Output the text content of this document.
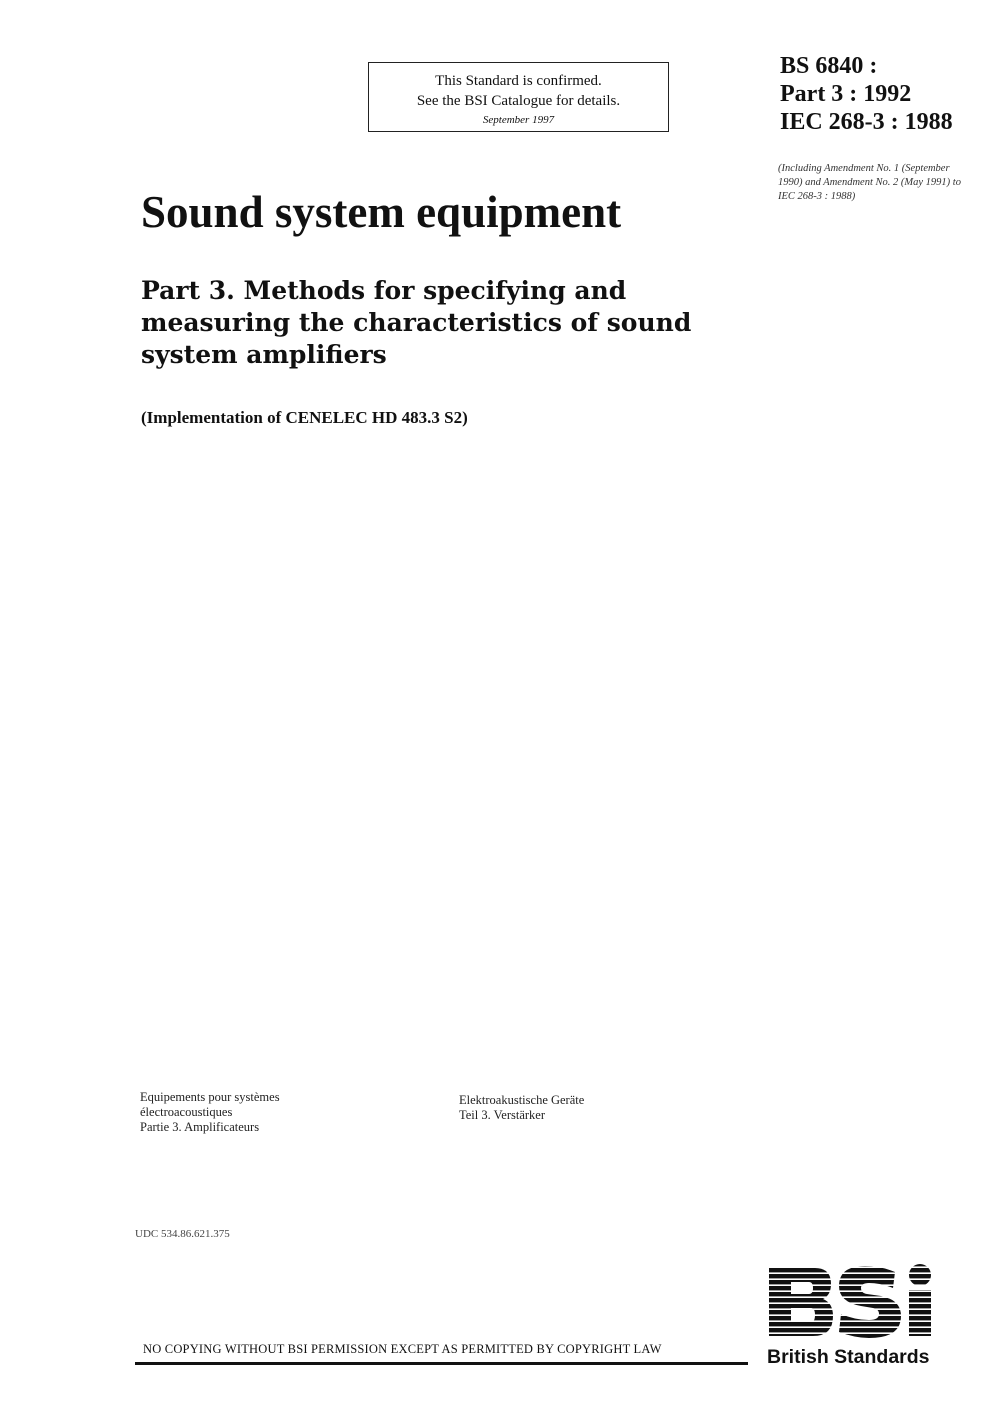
This Standard is confirmed.
See the BSI Catalogue for details.
September 1997
BS 6840 :
Part 3 : 1992
IEC 268-3 : 1988
(Including Amendment No. 1 (September 1990) and Amendment No. 2 (May 1991) to IEC 268-3 : 1988)
Sound system equipment
Part 3. Methods for specifying and measuring the characteristics of sound system amplifiers
(Implementation of CENELEC HD 483.3 S2)
Equipements pour systèmes
électroacoustiques
Partie 3. Amplificateurs
Elektroakustische Geräte
Teil 3. Verstärker
UDC 534.86.621.375
NO COPYING WITHOUT BSI PERMISSION EXCEPT AS PERMITTED BY COPYRIGHT LAW	British Standards
